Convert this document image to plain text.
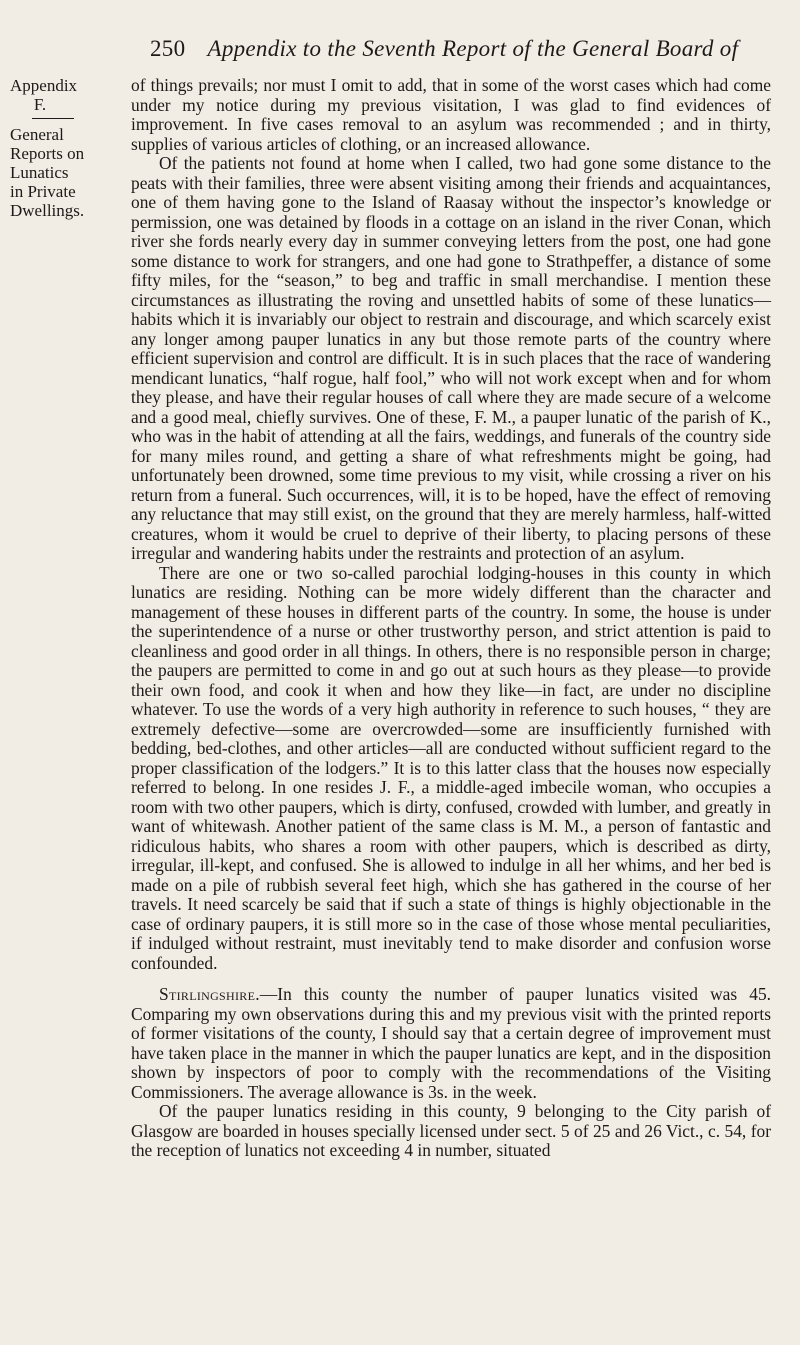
250 Appendix to the Seventh Report of the General Board of
Appendix
F.
General
Reports on
Lunatics
in Private
Dwellings.

of things prevails; nor must I omit to add, that in some of the worst cases which had come under my notice during my previous visitation, I was glad to find evidences of improvement. In five cases removal to an asylum was recommended ; and in thirty, supplies of various articles of clothing, or an increased allowance.

Of the patients not found at home when I called, two had gone some distance to the peats with their families, three were absent visiting among their friends and acquaintances, one of them having gone to the Island of Raasay without the inspector’s knowledge or permission, one was detained by floods in a cottage on an island in the river Conan, which river she fords nearly every day in summer conveying letters from the post, one had gone some distance to work for strangers, and one had gone to Strathpeffer, a distance of some fifty miles, for the “season,” to beg and traffic in small merchandise. I mention these circumstances as illustrating the roving and unsettled habits of some of these lunatics—habits which it is invariably our object to restrain and discourage, and which scarcely exist any longer among pauper lunatics in any but those remote parts of the country where efficient supervision and control are difficult. It is in such places that the race of wandering mendicant lunatics, “half rogue, half fool,” who will not work except when and for whom they please, and have their regular houses of call where they are made secure of a welcome and a good meal, chiefly survives. One of these, F. M., a pauper lunatic of the parish of K., who was in the habit of attending at all the fairs, weddings, and funerals of the country side for many miles round, and getting a share of what refreshments might be going, had unfortunately been drowned, some time previous to my visit, while crossing a river on his return from a funeral. Such occurrences, will, it is to be hoped, have the effect of removing any reluctance that may still exist, on the ground that they are merely harmless, half-witted creatures, whom it would be cruel to deprive of their liberty, to placing persons of these irregular and wandering habits under the restraints and protection of an asylum.

There are one or two so-called parochial lodging-houses in this county in which lunatics are residing. Nothing can be more widely different than the character and management of these houses in different parts of the country. In some, the house is under the superintendence of a nurse or other trustworthy person, and strict attention is paid to cleanliness and good order in all things. In others, there is no responsible person in charge; the paupers are permitted to come in and go out at such hours as they please—to provide their own food, and cook it when and how they like—in fact, are under no discipline whatever. To use the words of a very high authority in reference to such houses, “ they are extremely defective—some are overcrowded—some are insufficiently furnished with bedding, bed-clothes, and other articles—all are conducted without sufficient regard to the proper classification of the lodgers.” It is to this latter class that the houses now especially referred to belong. In one resides J. F., a middle-aged imbecile woman, who occupies a room with two other paupers, which is dirty, confused, crowded with lumber, and greatly in want of whitewash. Another patient of the same class is M. M., a person of fantastic and ridiculous habits, who shares a room with other paupers, which is described as dirty, irregular, ill-kept, and confused. She is allowed to indulge in all her whims, and her bed is made on a pile of rubbish several feet high, which she has gathered in the course of her travels. It need scarcely be said that if such a state of things is highly objectionable in the case of ordinary paupers, it is still more so in the case of those whose mental peculiarities, if indulged without restraint, must inevitably tend to make disorder and confusion worse confounded.

Stirlingshire.—In this county the number of pauper lunatics visited was 45. Comparing my own observations during this and my previous visit with the printed reports of former visitations of the county, I should say that a certain degree of improvement must have taken place in the manner in which the pauper lunatics are kept, and in the disposition shown by inspectors of poor to comply with the recommendations of the Visiting Commissioners. The average allowance is 3s. in the week.

Of the pauper lunatics residing in this county, 9 belonging to the City parish of Glasgow are boarded in houses specially licensed under sect. 5 of 25 and 26 Vict., c. 54, for the reception of lunatics not exceeding 4 in number, situated
